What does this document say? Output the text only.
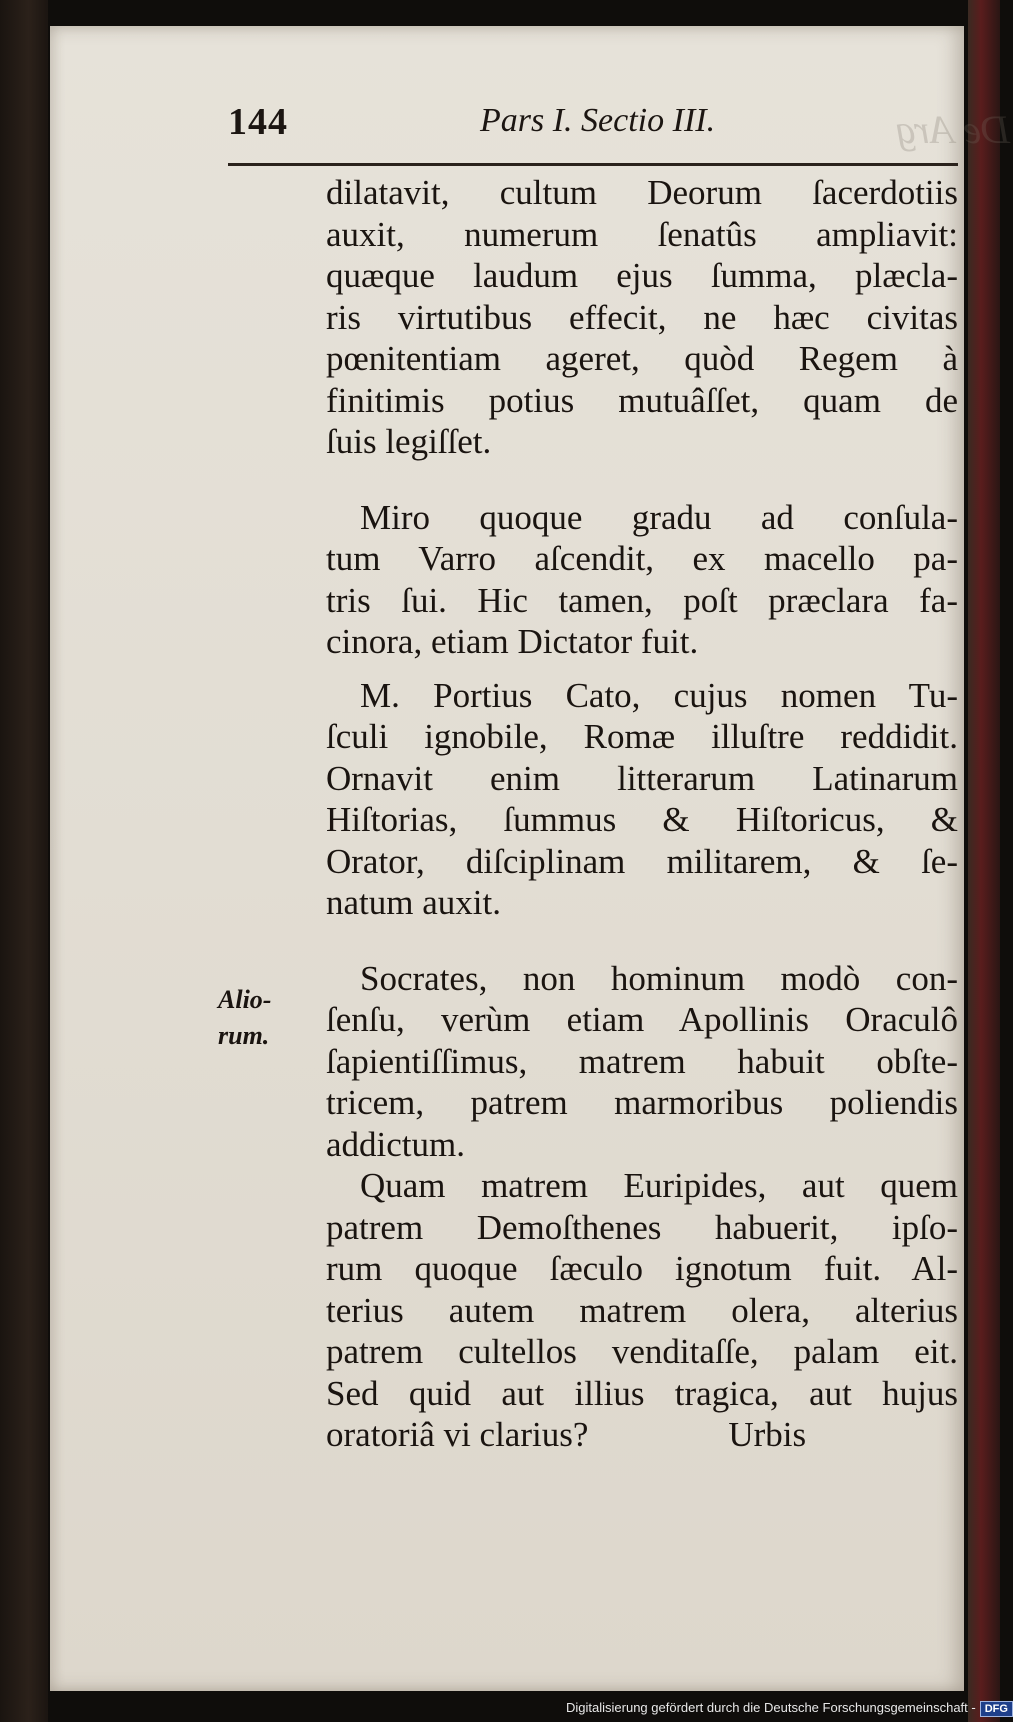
De Arg
144	Pars I. Sectio III.
dilatavit, cultum Deorum ſacerdotiis
auxit, numerum ſenatûs ampliavit:
quæque laudum ejus ſumma, plæcla-
ris virtutibus effecit, ne hæc civitas
pœnitentiam ageret, quòd Regem à
finitimis potius mutuâſſet, quam de
ſuis legiſſet.
Miro quoque gradu ad conſula-
tum Varro aſcendit, ex macello pa-
tris ſui. Hic tamen, poſt præclara fa-
cinora, etiam Dictator fuit.
M. Portius Cato, cujus nomen Tu-
ſculi ignobile, Romæ illuſtre reddidit.
Ornavit enim litterarum Latinarum
Hiſtorias, ſummus & Hiſtoricus, &
Orator, diſciplinam militarem, & ſe-
natum auxit.
Socrates, non hominum modò con-
ſenſu, verùm etiam Apollinis Oraculô
ſapientiſſimus, matrem habuit obſte-
tricem, patrem marmoribus poliendis
addictum.
Quam matrem Euripides, aut quem
patrem Demoſthenes habuerit, ipſo-
rum quoque ſæculo ignotum fuit. Al-
terius autem matrem olera, alterius
patrem cultellos venditaſſe, palam eit.
Sed quid aut illius tragica, aut hujus
oratoriâ vi clarius?                Urbis
Alio-
rum.
Digitalisierung gefördert durch die Deutsche Forschungsgemeinschaft - DFG
